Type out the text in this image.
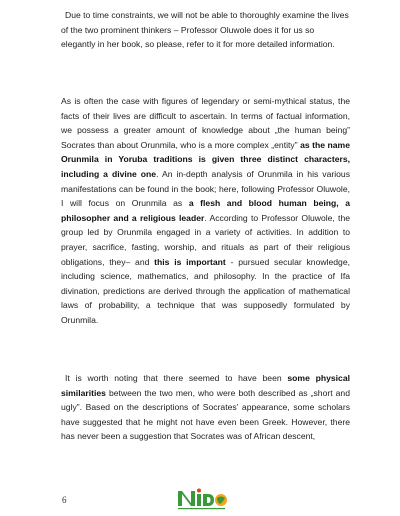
Due to time constraints, we will not be able to thoroughly examine the lives of the two prominent thinkers – Professor Oluwole does it for us so elegantly in her book, so please, refer to it for more detailed information.

As is often the case with figures of legendary or semi-mythical status, the facts of their lives are difficult to ascertain. In terms of factual information, we possess a greater amount of knowledge about „the human being” Socrates than about Orunmila, who is a more complex „entity” as the name Orunmila in Yoruba traditions is given three distinct characters, including a divine one. An in-depth analysis of Orunmila in his various manifestations can be found in the book; here, following Professor Oluwole, I will focus on Orunmila as a flesh and blood human being, a philosopher and a religious leader. According to Professor Oluwole, the group led by Orunmila engaged in a variety of activities. In addition to prayer, sacrifice, fasting, worship, and rituals as part of their religious obligations, they– and this is important - pursued secular knowledge, including science, mathematics, and philosophy. In the practice of Ifa divination, predictions are derived through the application of mathematical laws of probability, a technique that was supposedly formulated by Orunmila.

It is worth noting that there seemed to have been some physical similarities between the two men, who were both described as „short and ugly”. Based on the descriptions of Socrates’ appearance, some scholars have suggested that he might not have even been Greek. However, there has never been a suggestion that Socrates was of African descent,

6
NIDO
